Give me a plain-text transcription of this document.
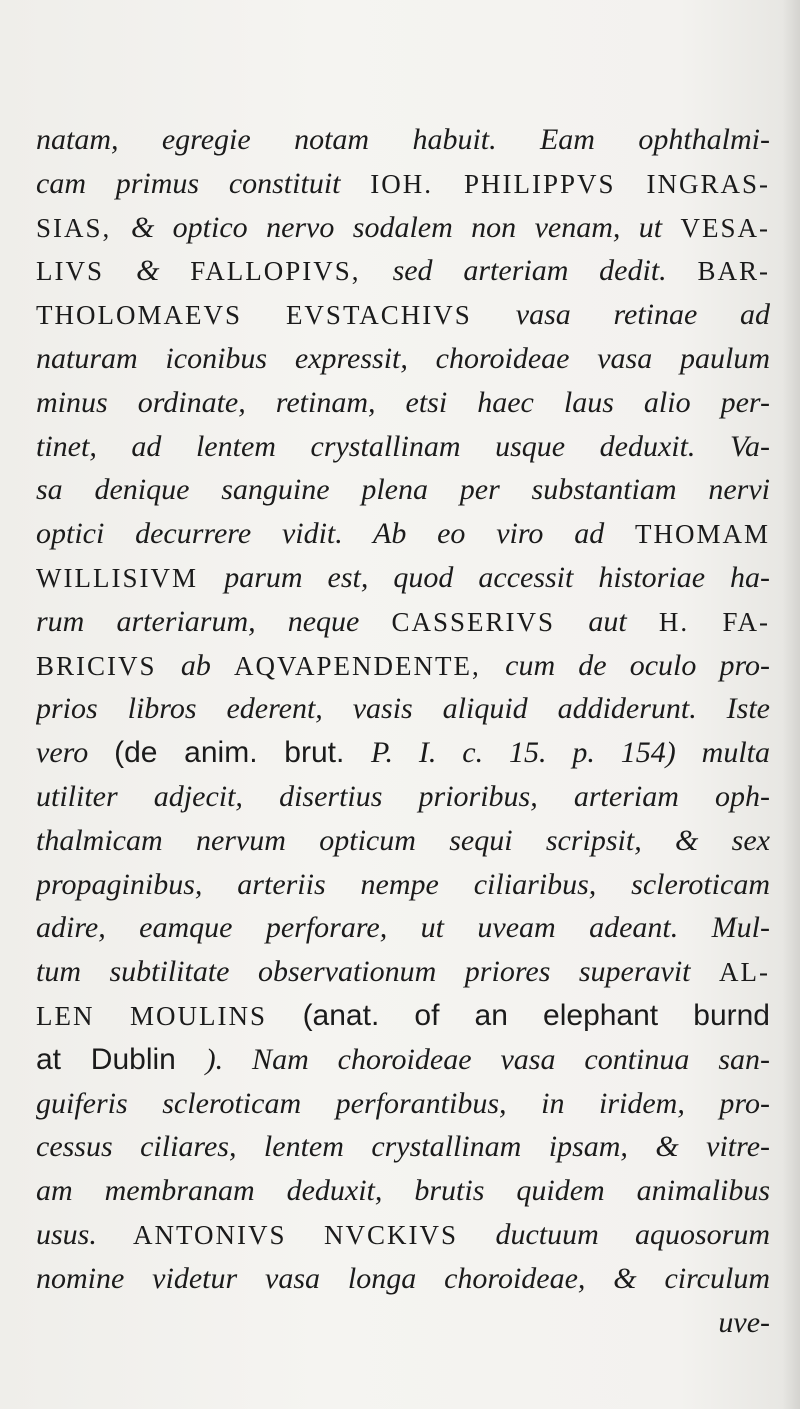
natam, egregie notam habuit. Eam ophthalmi-
cam primus constituit IOH. PHILIPPVS INGRAS-
SIAS, & optico nervo sodalem non venam, ut VESA-
LIVS & FALLOPIVS, sed arteriam dedit. BAR-
THOLOMAEVS EVSTACHIVS vasa retinae ad
naturam iconibus expressit, choroideae vasa paulum
minus ordinate, retinam, etsi haec laus alio per-
tinet, ad lentem crystallinam usque deduxit. Va-
sa denique sanguine plena per substantiam nervi
optici decurrere vidit. Ab eo viro ad THOMAM
WILLISIVM parum est, quod accessit historiae ha-
rum arteriarum, neque CASSERIVS aut H. FA-
BRICIVS ab AQVAPENDENTE, cum de oculo pro-
prios libros ederent, vasis aliquid addiderunt. Iste
vero (de anim. brut. P. I. c. 15. p. 154) multa
utiliter adjecit, disertius prioribus, arteriam oph-
thalmicam nervum opticum sequi scripsit, & sex
propaginibus, arteriis nempe ciliaribus, scleroticam
adire, eamque perforare, ut uveam adeant. Mul-
tum subtilitate observationum priores superavit AL-
LEN MOULINS (anat. of an elephant burnd
at Dublin ). Nam choroideae vasa continua san-
guiferis scleroticam perforantibus, in iridem, pro-
cessus ciliares, lentem crystallinam ipsam, & vitre-
am membranam deduxit, brutis quidem animalibus
usus. ANTONIVS NVCKIVS ductuum aquosorum
nomine videtur vasa longa choroideae, & circulum
uve-
